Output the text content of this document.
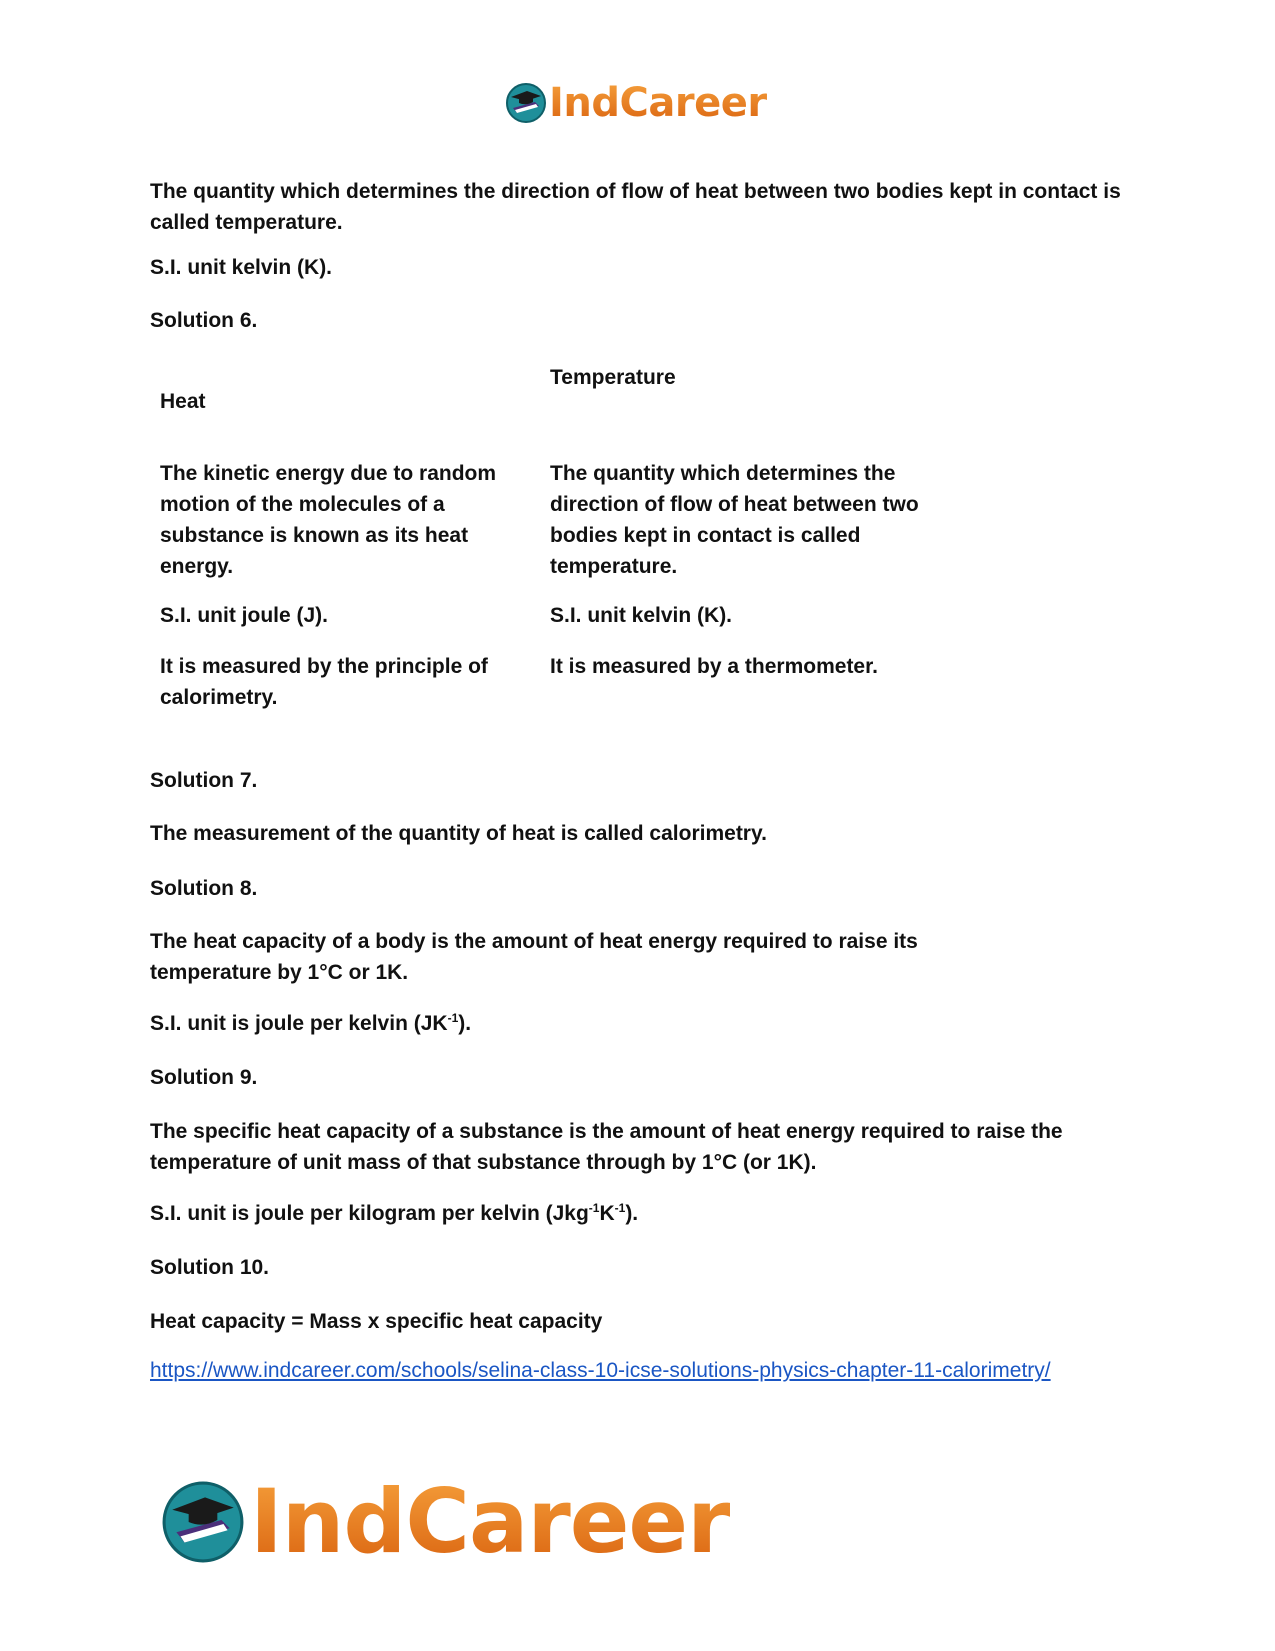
IndCareer

The quantity which determines the direction of flow of heat between two bodies kept in contact is called temperature.

S.I. unit kelvin (K).

Solution 6.

Heat	Temperature
The kinetic energy due to random motion of the molecules of a substance is known as its heat energy.	The quantity which determines the direction of flow of heat between two bodies kept in contact is called temperature.
S.I. unit joule (J).	S.I. unit kelvin (K).
It is measured by the principle of calorimetry.	It is measured by a thermometer.

Solution 7.

The measurement of the quantity of heat is called calorimetry.

Solution 8.

The heat capacity of a body is the amount of heat energy required to raise its temperature by 1°C or 1K.

S.I. unit is joule per kelvin $(JK^{-1})$.

Solution 9.

The specific heat capacity of a substance is the amount of heat energy required to raise the temperature of unit mass of that substance through by 1°C (or 1K).

S.I. unit is joule per kilogram per kelvin $(Jkg^{-1}K^{-1})$.

Solution 10.

Heat capacity = Mass x specific heat capacity

https://www.indcareer.com/schools/selina-class-10-icse-solutions-physics-chapter-11-calorimetry/
IndCareer
